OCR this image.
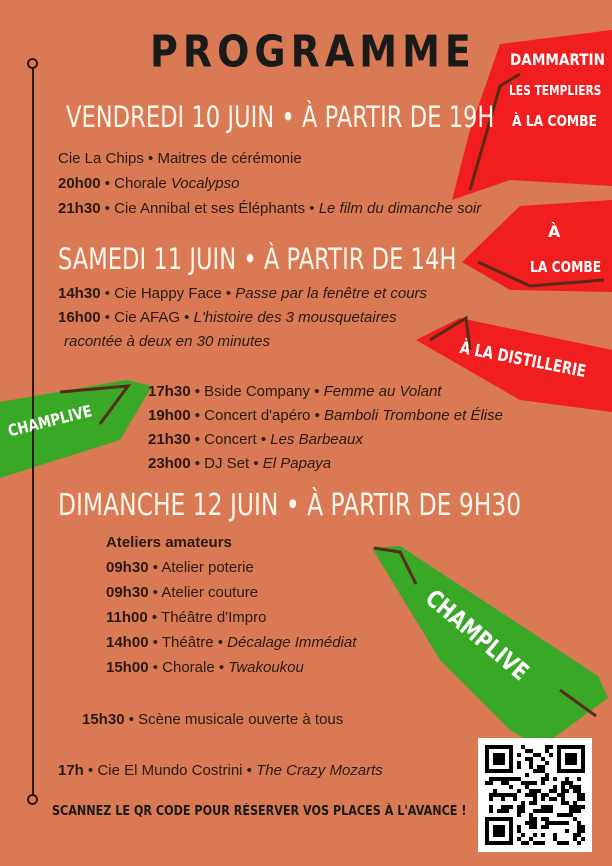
PROGRAMME DAMMARTIN
LES TEMPLIERS
À LA COMBE
À
LA COMBE
À LA DISTILLERIE
CHAMPLIVE
CHAMPLIVE
VENDREDI 10 JUIN • À PARTIR DE 19H
Cie La Chips • Maitres de cérémonie
20h00 • Chorale Vocalypso
21h30 • Cie Annibal et ses Éléphants • Le film du dimanche soir
SAMEDI 11 JUIN • À PARTIR DE 14H
14h30 • Cie Happy Face • Passe par la fenêtre et cours
16h00 • Cie AFAG • L'histoire des 3 mousquetaires
racontée à deux en 30 minutes
17h30 • Bside Company • Femme au Volant
19h00 • Concert d'apéro • Bamboli Trombone et Élise
21h30 • Concert • Les Barbeaux
23h00 • DJ Set • El Papaya
DIMANCHE 12 JUIN • À PARTIR DE 9H30
Ateliers amateurs
09h30 • Atelier poterie
09h30 • Atelier couture
11h00 • Théâtre d'Impro
14h00 • Théâtre • Décalage Immédiat
15h00 • Chorale • Twakoukou
15h30 • Scène musicale ouverte à tous
17h • Cie El Mundo Costrini • The Crazy Mozarts
SCANNEZ LE QR CODE POUR RÉSERVER VOS PLACES À L'AVANCE !
